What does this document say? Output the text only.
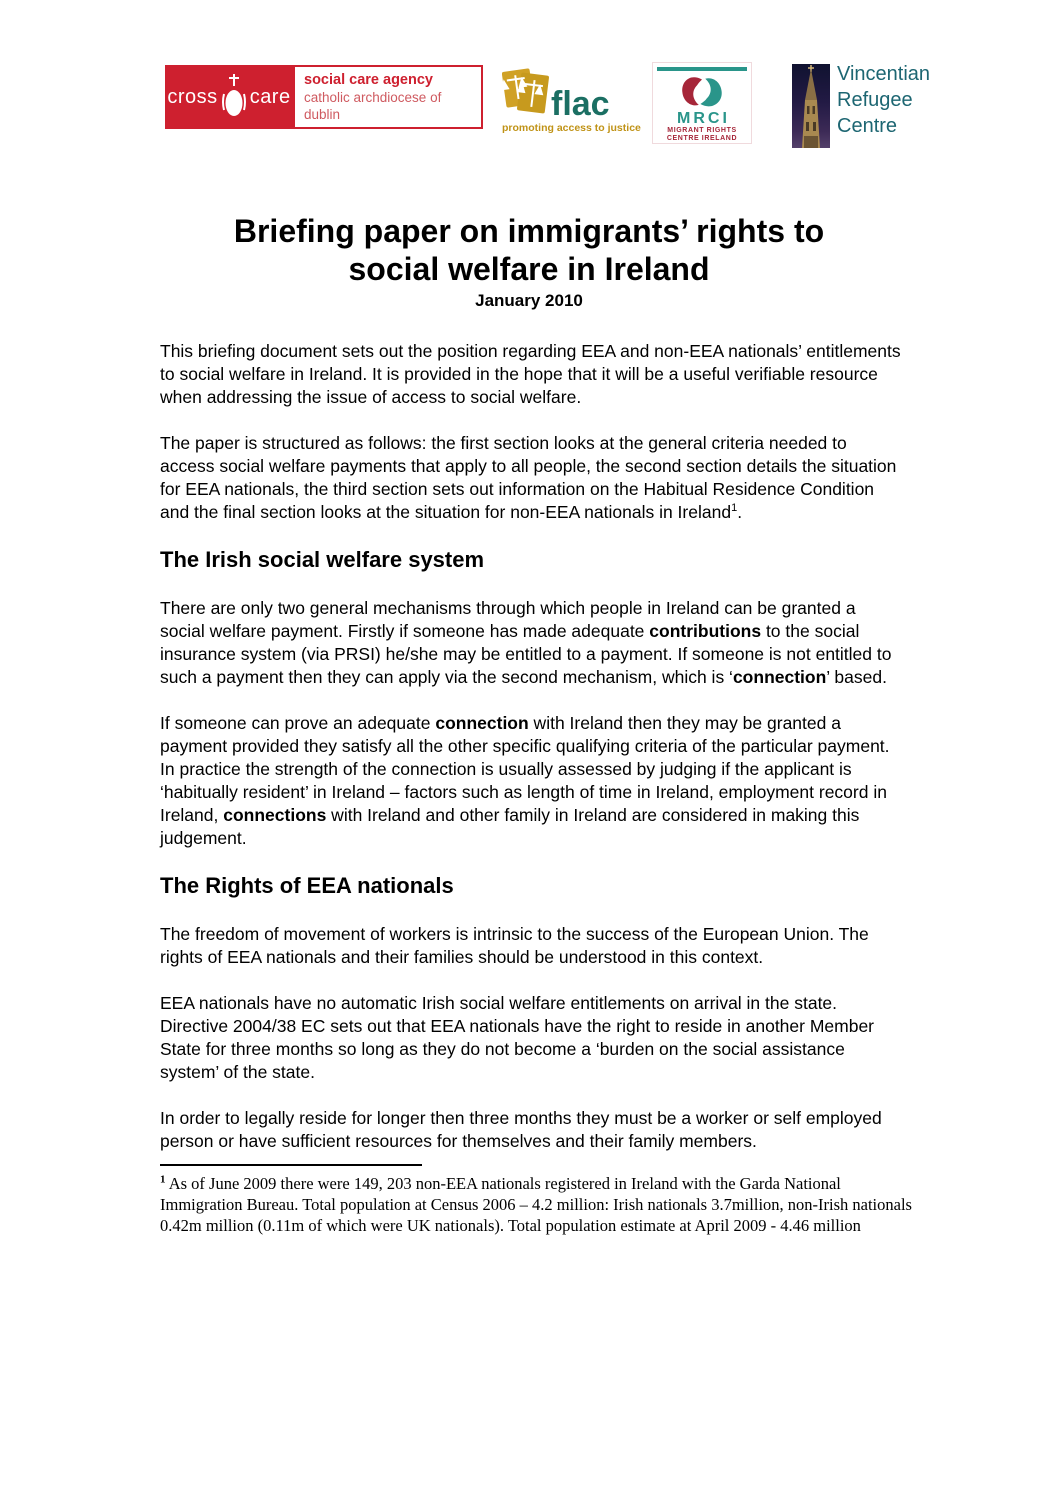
cross care
social care agency
catholic archdiocese of dublin	flac
promoting access to justice
MRCI
MIGRANT RIGHTS
CENTRE IRELAND
Vincentian
Refugee
Centre
Briefing paper on immigrants’ rights to
social welfare in Ireland
January 2010

This briefing document sets out the position regarding EEA and non-EEA nationals’ entitlements to social welfare in Ireland. It is provided in the hope that it will be a useful verifiable resource when addressing the issue of access to social welfare.

The paper is structured as follows: the first section looks at the general criteria needed to access social welfare payments that apply to all people, the second section details the situation for EEA nationals, the third section sets out information on the Habitual Residence Condition and the final section looks at the situation for non-EEA nationals in Ireland$^1$.

The Irish social welfare system

There are only two general mechanisms through which people in Ireland can be granted a social welfare payment. Firstly if someone has made adequate contributions to the social insurance system (via PRSI) he/she may be entitled to a payment. If someone is not entitled to such a payment then they can apply via the second mechanism, which is ‘connection’ based.

If someone can prove an adequate connection with Ireland then they may be granted a payment provided they satisfy all the other specific qualifying criteria of the particular payment. In practice the strength of the connection is usually assessed by judging if the applicant is ‘habitually resident’ in Ireland – factors such as length of time in Ireland, employment record in Ireland, connections with Ireland and other family in Ireland are considered in making this judgement.

The Rights of EEA nationals

The freedom of movement of workers is intrinsic to the success of the European Union. The rights of EEA nationals and their families should be understood in this context.

EEA nationals have no automatic Irish social welfare entitlements on arrival in the state. Directive 2004/38 EC sets out that EEA nationals have the right to reside in another Member State for three months so long as they do not become a ‘burden on the social assistance system’ of the state.

In order to legally reside for longer then three months they must be a worker or self employed person or have sufficient resources for themselves and their family members.

$^1$ As of June 2009 there were 149, 203 non-EEA nationals registered in Ireland with the Garda National Immigration Bureau. Total population at Census 2006 – 4.2 million: Irish nationals 3.7million, non-Irish nationals 0.42m million (0.11m of which were UK nationals). Total population estimate at April 2009 - 4.46 million
